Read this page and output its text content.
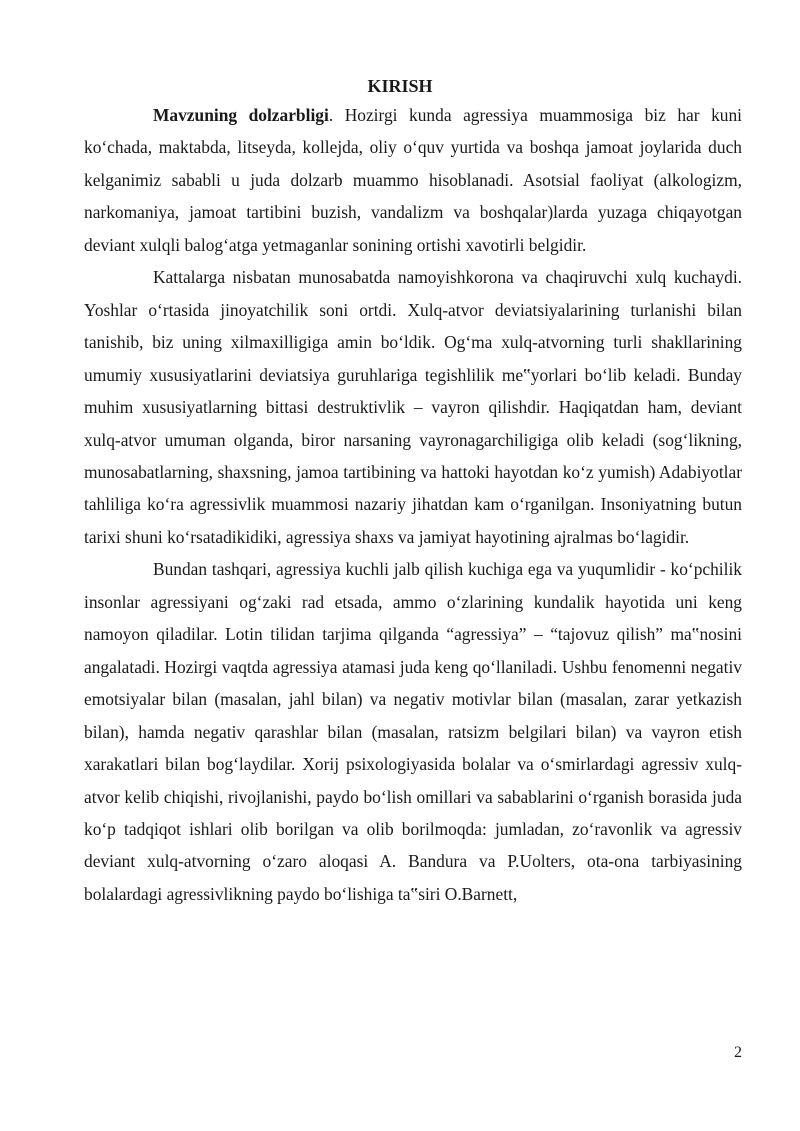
KIRISH

Mavzuning dolzarbligi. Hozirgi kunda agressiya muammosiga biz har kuni koʻchada, maktabda, litseyda, kollejda, oliy oʻquv yurtida va boshqa jamoat joylarida duch kelganimiz sababli u juda dolzarb muammo hisoblanadi. Asotsial faoliyat (alkologizm, narkomaniya, jamoat tartibini buzish, vandalizm va boshqalar)larda yuzaga chiqayotgan deviant xulqli balogʻatga yetmaganlar sonining ortishi xavotirli belgidir.

Kattalarga nisbatan munosabatda namoyishkorona va chaqiruvchi xulq kuchaydi. Yoshlar oʻrtasida jinoyatchilik soni ortdi. Xulq-atvor deviatsiyalarining turlanishi bilan tanishib, biz uning xilmaxilligiga amin boʻldik. Ogʻma xulq-atvorning turli shakllarining umumiy xususiyatlarini deviatsiya guruhlariga tegishlilik me‟yorlari boʻlib keladi. Bunday muhim xususiyatlarning bittasi destruktivlik – vayron qilishdir. Haqiqatdan ham, deviant xulq-atvor umuman olganda, biror narsaning vayronagarchiligiga olib keladi (sogʻlikning, munosabatlarning, shaxsning, jamoa tartibining va hattoki hayotdan koʻz yumish) Adabiyotlar tahliliga koʻra agressivlik muammosi nazariy jihatdan kam oʻrganilgan. Insoniyatning butun tarixi shuni koʻrsatadikidiki, agressiya shaxs va jamiyat hayotining ajralmas boʻlagidir.

Bundan tashqari, agressiya kuchli jalb qilish kuchiga ega va yuqumlidir - koʻpchilik insonlar agressiyani ogʻzaki rad etsada, ammo oʻzlarining kundalik hayotida uni keng namoyon qiladilar. Lotin tilidan tarjima qilganda “agressiya” – “tajovuz qilish” ma‟nosini angalatadi. Hozirgi vaqtda agressiya atamasi juda keng qoʻllaniladi. Ushbu fenomenni negativ emotsiyalar bilan (masalan, jahl bilan) va negativ motivlar bilan (masalan, zarar yetkazish bilan), hamda negativ qarashlar bilan (masalan, ratsizm belgilari bilan) va vayron etish xarakatlari bilan bogʻlaydilar. Xorij psixologiyasida bolalar va oʻsmirlardagi agressiv xulq-atvor kelib chiqishi, rivojlanishi, paydo boʻlish omillari va sabablarini oʻrganish borasida juda koʻp tadqiqot ishlari olib borilgan va olib borilmoqda: jumladan, zoʻravonlik va agressiv deviant xulq-atvorning oʻzaro aloqasi A. Bandura va P.Uolters, ota-ona tarbiyasining bolalardagi agressivlikning paydo boʻlishiga ta‟siri O.Barnett,

2
